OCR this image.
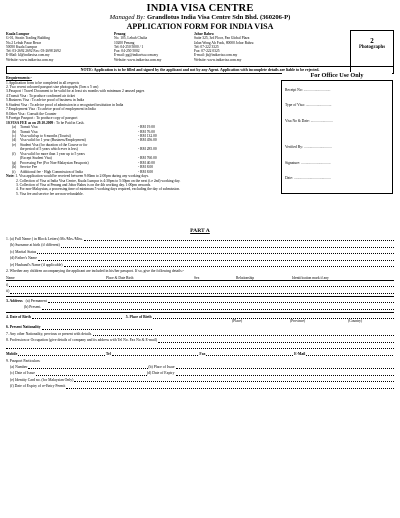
INDIA VISA CENTRE
Managed By: Grandlotus India Visa Centre Sdn Bhd. (360206-P)
APPLICATION FORM FOR INDIA VISA
Kuala Lumpur
G-01, Straits Trading Building
No.2 Lebuh Pasar Besar
50050 Kuala Lumpur
Tel: 03-2692 2692 Fax: 03-2698 2692
E-Mail: kl@indiavisa.com.my
Website: www.indiavisa.com.my
Penang
No. 105, Lebuh Chulia
10200 Penang
Tel: 04-250 5000 / 1
Fax: 04-250 5002
E-mail: pg@indiavisa.com.my
Website: www.indiavisa.com.my
Johor Bahru
Suite 325, 3rd Floor, Pan Global Plaza
Jalan Wong Ah Fook, 80000 Johor Bahru
Tel: 07-222 3325
Fax: 07-222 0325
E-mail: jb@indiavisa.com.my
Website: www.indiavisa.com.my
2
Photographs
NOTE: Application is to be filled and signed by the applicant and not by any Agent. Application with incomplete details are liable to be rejected.
Requirements:-
1.Application form to be completed in all respects
2. Two recent coloured passport size photographs (5cm x 5 cm)
3.Passport / Travel Document to be valid for at least six months with minimum 2 unused pages
4.Transit Visa : To produce confirmed air ticket
5.Business Visa : To advice proof of business in India
6.Student Visa : To advice proof of admission in a recognised institution in India
7.Employment Visa : To advice proof of employment in India
8.Other Visa : Consult the Counter
9.Foreign Passport : To produce copy of passport
10.VISA FEE as on 29.10.2009 : To be Paid in Cash.
(a)	Transit Visa	- RM 19.00
(b)	Transit Visa	- RM 76.00
(c)	Visa valid up to 6 months (Tourist)	- RM 132.00
(d)	Visa valid for 1 year (Business/Employment)	- RM 456.00
(e)	Student Visa (for duration of the Course or for
the period of 5 years which ever is less)	- RM 285.00
(f)	Visa valid for more than 1 year up to 5 years
(Except Student Visa)	- RM 760.00
(g)	Processing Fee (For Non-Malaysian Passports)	- RM 40.00
(h)	Service Fee	- RM 8.00
(i)	Additional fee - High Commission of India	- RM 8.00
Note: 1. Visa application would be received between 9:00am to 2:00pm during any working days.
2. Collection of Visa at India Visa Centre, Kuala Lumpur is 4:30pm to 5:30pm on the next (i.e 2nd) working day.
3. Collection of Visa at Penang and Johor Bahru is on the 4th working day. 1:00pm onwards.
4. For non-Malaysian, a processing time of minimum 5 working days required, excluding the day of submission.
5. Visa fee and service fee are non-refundable.
For Office Use Only
Receipt No: .............................
Type of Visa: ............................
Visa No & Date: ........................
Verified By: ..............................
Signature: ................................
Date: ........................................
PART A
1. (a) Full Name ( in Block Letters) Mr./Mrs./Miss.
(b) Surname at birth (if different)
(c) Marital Status
(d) Father's Name
(e) Husband's Name (if applicable)
2. Whether any children accompanying the applicant are included in his/her passport. If so, give the following details:-
Name	Place & Date Birth	Sex	Relationship	Identification mark if any
i)
ii)
3. Address (a) Permanent
(b) Present.
4. Date of Birth	5. Place of Birth
(Place)	(Province)	(Country)
6. Present Nationality
7. Any other Nationality, pervious or present with details.
8. Profession or Occupation (give details of company and its address with Tel No. Fax No & E-mail)
Mobile	Tel	Fax	E-Mail
9. Passport Particulars:
(a) Number	(b) Place of Issue
(c) Date of Issue	(d) Date of Expiry
(e) Identity Card no. (for Malaysian Only)
(f) Date of Expiry of re-Entry Permit
